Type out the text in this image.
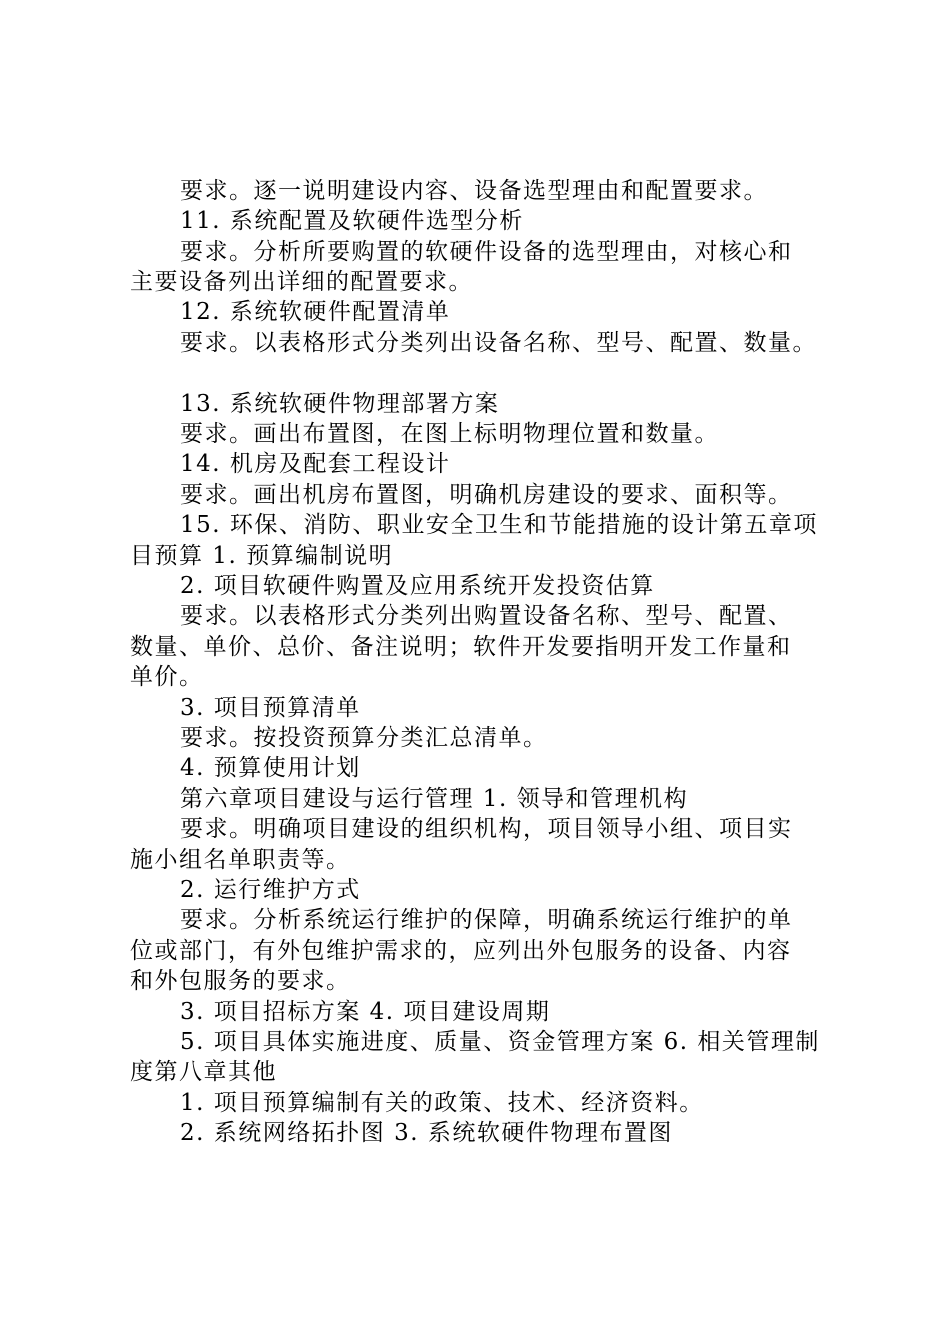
要求。逐一说明建设内容、设备选型理由和配置要求。
11. 系统配置及软硬件选型分析
要求。分析所要购置的软硬件设备的选型理由，对核心和
主要设备列出详细的配置要求。
12. 系统软硬件配置清单
要求。以表格形式分类列出设备名称、型号、配置、数量。
13. 系统软硬件物理部署方案
要求。画出布置图，在图上标明物理位置和数量。
14. 机房及配套工程设计
要求。画出机房布置图，明确机房建设的要求、面积等。
15. 环保、消防、职业安全卫生和节能措施的设计第五章项
目预算 1. 预算编制说明
2. 项目软硬件购置及应用系统开发投资估算
要求。以表格形式分类列出购置设备名称、型号、配置、
数量、单价、总价、备注说明；软件开发要指明开发工作量和
单价。
3. 项目预算清单
要求。按投资预算分类汇总清单。
4. 预算使用计划
第六章项目建设与运行管理 1. 领导和管理机构
要求。明确项目建设的组织机构，项目领导小组、项目实
施小组名单职责等。
2. 运行维护方式
要求。分析系统运行维护的保障，明确系统运行维护的单
位或部门，有外包维护需求的，应列出外包服务的设备、内容
和外包服务的要求。
3. 项目招标方案 4. 项目建设周期
5. 项目具体实施进度、质量、资金管理方案 6. 相关管理制
度第八章其他
1. 项目预算编制有关的政策、技术、经济资料。
2. 系统网络拓扑图 3. 系统软硬件物理布置图
